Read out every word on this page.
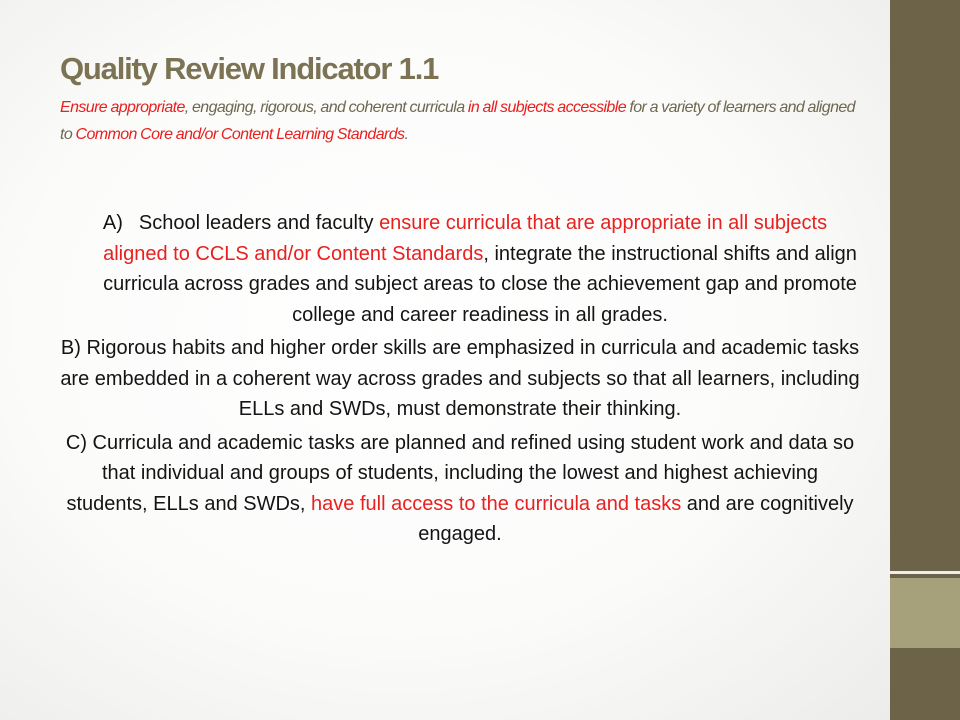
Quality Review Indicator 1.1

Ensure appropriate, engaging, rigorous, and coherent curricula in all subjects accessible for a variety of learners and aligned to Common Core and/or Content Learning Standards.

A) School leaders and faculty ensure curricula that are appropriate in all subjects aligned to CCLS and/or Content Standards, integrate the instructional shifts and align curricula across grades and subject areas to close the achievement gap and promote college and career readiness in all grades.

B) Rigorous habits and higher order skills are emphasized in curricula and academic tasks are embedded in a coherent way across grades and subjects so that all learners, including ELLs and SWDs, must demonstrate their thinking.

C) Curricula and academic tasks are planned and refined using student work and data so that individual and groups of students, including the lowest and highest achieving students, ELLs and SWDs, have full access to the curricula and tasks and are cognitively engaged.
